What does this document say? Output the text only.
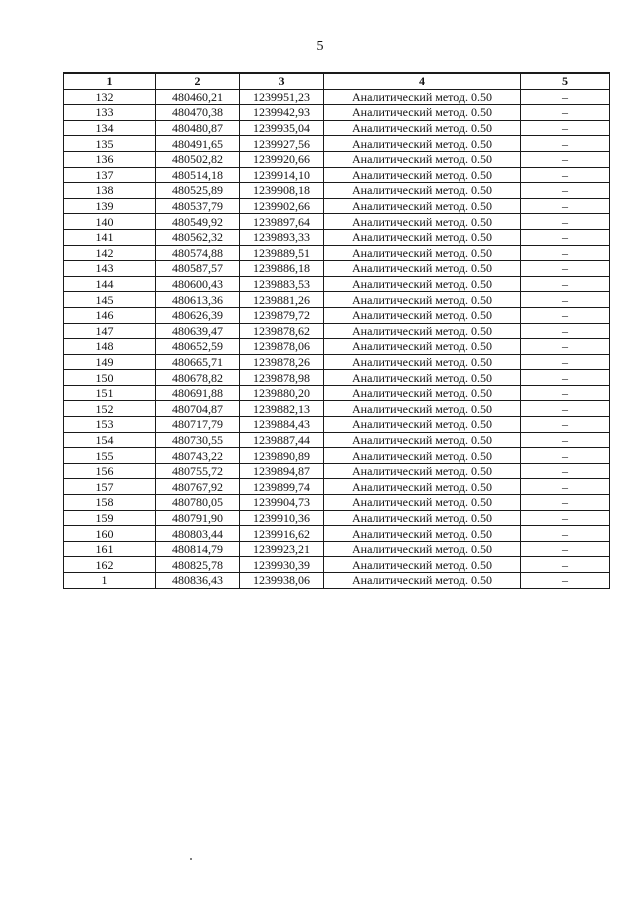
5
1	2	3	4	5
132	480460,21	1239951,23	Аналитический метод. 0.50	–
133	480470,38	1239942,93	Аналитический метод. 0.50	–
134	480480,87	1239935,04	Аналитический метод. 0.50	–
135	480491,65	1239927,56	Аналитический метод. 0.50	–
136	480502,82	1239920,66	Аналитический метод. 0.50	–
137	480514,18	1239914,10	Аналитический метод. 0.50	–
138	480525,89	1239908,18	Аналитический метод. 0.50	–
139	480537,79	1239902,66	Аналитический метод. 0.50	–
140	480549,92	1239897,64	Аналитический метод. 0.50	–
141	480562,32	1239893,33	Аналитический метод. 0.50	–
142	480574,88	1239889,51	Аналитический метод. 0.50	–
143	480587,57	1239886,18	Аналитический метод. 0.50	–
144	480600,43	1239883,53	Аналитический метод. 0.50	–
145	480613,36	1239881,26	Аналитический метод. 0.50	–
146	480626,39	1239879,72	Аналитический метод. 0.50	–
147	480639,47	1239878,62	Аналитический метод. 0.50	–
148	480652,59	1239878,06	Аналитический метод. 0.50	–
149	480665,71	1239878,26	Аналитический метод. 0.50	–
150	480678,82	1239878,98	Аналитический метод. 0.50	–
151	480691,88	1239880,20	Аналитический метод. 0.50	–
152	480704,87	1239882,13	Аналитический метод. 0.50	–
153	480717,79	1239884,43	Аналитический метод. 0.50	–
154	480730,55	1239887,44	Аналитический метод. 0.50	–
155	480743,22	1239890,89	Аналитический метод. 0.50	–
156	480755,72	1239894,87	Аналитический метод. 0.50	–
157	480767,92	1239899,74	Аналитический метод. 0.50	–
158	480780,05	1239904,73	Аналитический метод. 0.50	–
159	480791,90	1239910,36	Аналитический метод. 0.50	–
160	480803,44	1239916,62	Аналитический метод. 0.50	–
161	480814,79	1239923,21	Аналитический метод. 0.50	–
162	480825,78	1239930,39	Аналитический метод. 0.50	–
1	480836,43	1239938,06	Аналитический метод. 0.50	–
